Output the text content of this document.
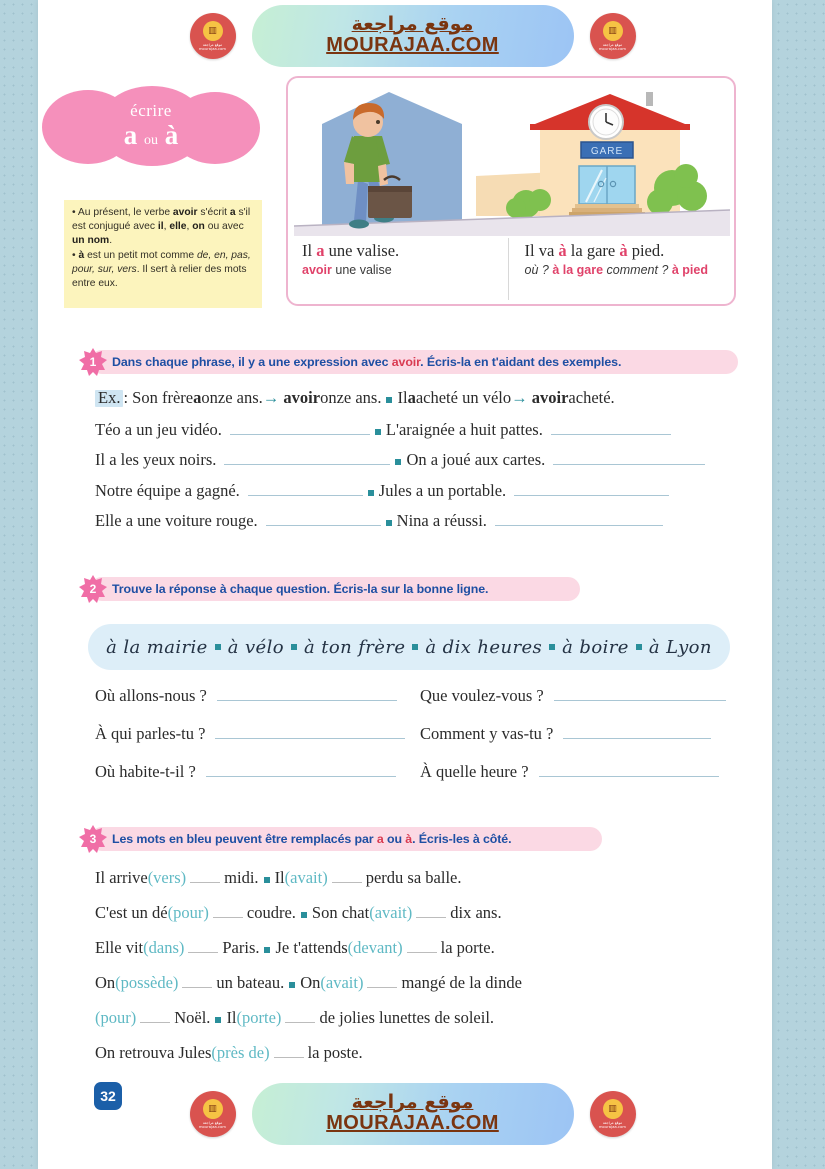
▥
موقع مراجعة
mourajaa.com
موقع مراجعة
MOURAJAA.COM
▥
موقع مراجعة
mourajaa.com
écrire
a ou à

• Au présent, le verbe avoir s'écrit a s'il est conjugué avec il, elle, on ou avec un nom.

• à est un petit mot comme de, en, pas, pour, sur, vers. Il sert à relier des mots entre eux.

GARE
Il a une valise.
avoir une valise
Il va à la gare à pied.
où ? à la gare comment ? à pied
1 Dans chaque phrase, il y a une expression avec avoir. Écris-la en t'aidant des exemples.
Ex. : Son frère a onze ans. →
avoir onze ans. Il a acheté un vélo →
avoir acheté.
Téo a un jeu vidéo.	L'araignée a huit pattes.
Il a les yeux noirs.	On a joué aux cartes.
Notre équipe a gagné.	Jules a un portable.
Elle a une voiture rouge.	Nina a réussi.
2 Trouve la réponse à chaque question. Écris-la sur la bonne ligne.
à la mairie à vélo à ton frère à dix heures à boire à Lyon
Où allons-nous ?	Que voulez-vous ?
À qui parles-tu ?	Comment y vas-tu ?
Où habite-t-il ?	À quelle heure ?
3 Les mots en bleu peuvent être remplacés par a ou à. Écris-les à côté.
Il arrive (vers) midi. Il (avait) perdu sa balle.
C'est un dé (pour) coudre. Son chat (avait) dix ans.
Elle vit (dans) Paris. Je t'attends (devant) la porte.
On (possède) un bateau. On (avait) mangé de la dinde
(pour) Noël. Il (porte) de jolies lunettes de soleil.
On retrouva Jules (près de) la poste.
32
▥
موقع مراجعة
mourajaa.com
موقع مراجعة
MOURAJAA.COM
▥
موقع مراجعة
mourajaa.com
